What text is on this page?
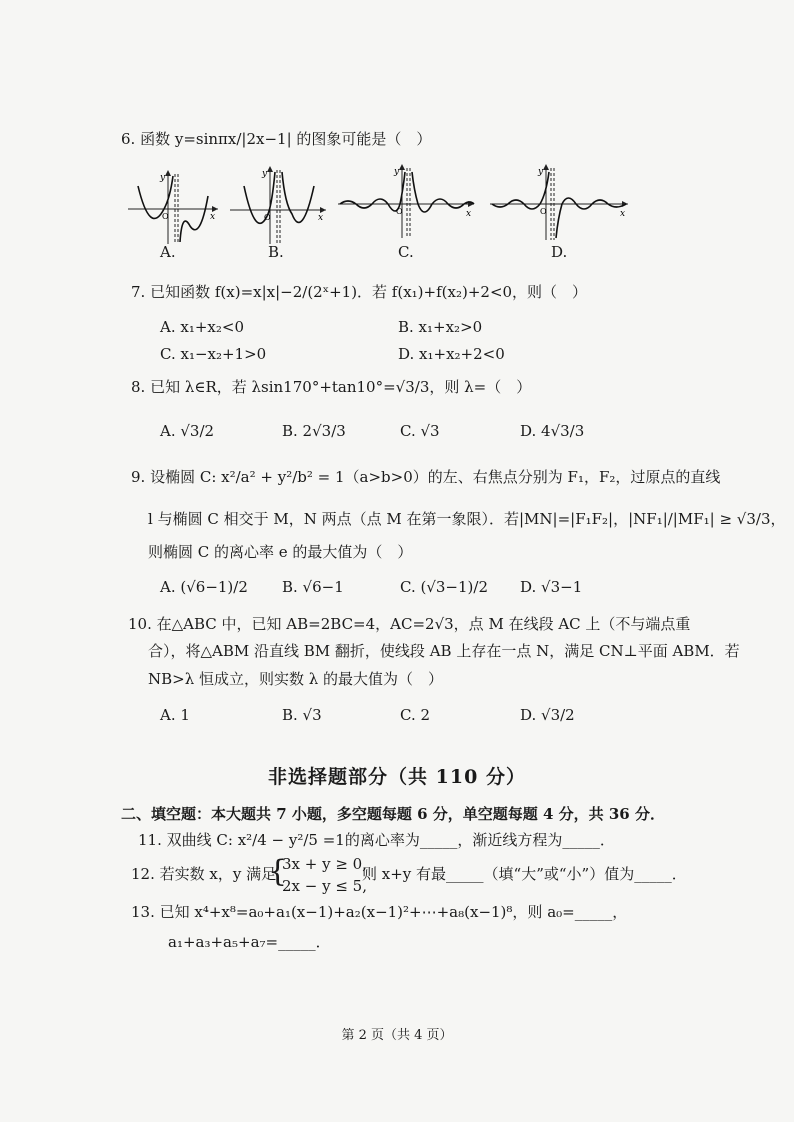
6. 函数 y=sinπx/|2x−1| 的图象可能是（　）
y
x
O
A.
y
x
O
B.
y
x
O
C.
y
x
O
D.
7. 已知函数 f(x)=x|x|−2/(2ˣ+1)．若 f(x₁)+f(x₂)+2<0，则（　）
A. x₁+x₂<0	B. x₁+x₂>0
C. x₁−x₂+1>0	D. x₁+x₂+2<0
8. 已知 λ∈R，若 λsin170°+tan10°=√3/3，则 λ=（　）
A. √3/2	B. 2√3/3	C. √3	D. 4√3/3
9. 设椭圆 C: x²/a² + y²/b² = 1（a>b>0）的左、右焦点分别为 F₁，F₂，过原点的直线
l 与椭圆 C 相交于 M，N 两点（点 M 在第一象限）．若|MN|=|F₁F₂|，|NF₁|/|MF₁| ≥ √3/3，
则椭圆 C 的离心率 e 的最大值为（　）
A. (√6−1)/2 B. √6−1	C. (√3−1)/2 D. √3−1
10. 在△ABC 中，已知 AB=2BC=4，AC=2√3，点 M 在线段 AC 上（不与端点重
合），将△ABM 沿直线 BM 翻折，使线段 AB 上存在一点 N，满足 CN⊥平面 ABM．若
NB>λ 恒成立，则实数 λ 的最大值为（　）
A. 1	B. √3	C. 2	D. √3/2
非选择题部分（共 110 分）
二、填空题：本大题共 7 小题，多空题每题 6 分，单空题每题 4 分，共 36 分．
11. 双曲线 C: x²/4 − y²/5 =1的离心率为_____，渐近线方程为_____．
12. 若实数 x，y 满足
{
3x + y ≥ 0,
2x − y ≤ 5,
则 x+y 有最_____（填“大”或“小”）值为_____．
13. 已知 x⁴+x⁸=a₀+a₁(x−1)+a₂(x−1)²+⋯+a₈(x−1)⁸，则 a₀=_____，
a₁+a₃+a₅+a₇=_____．
第 2 页（共 4 页）
